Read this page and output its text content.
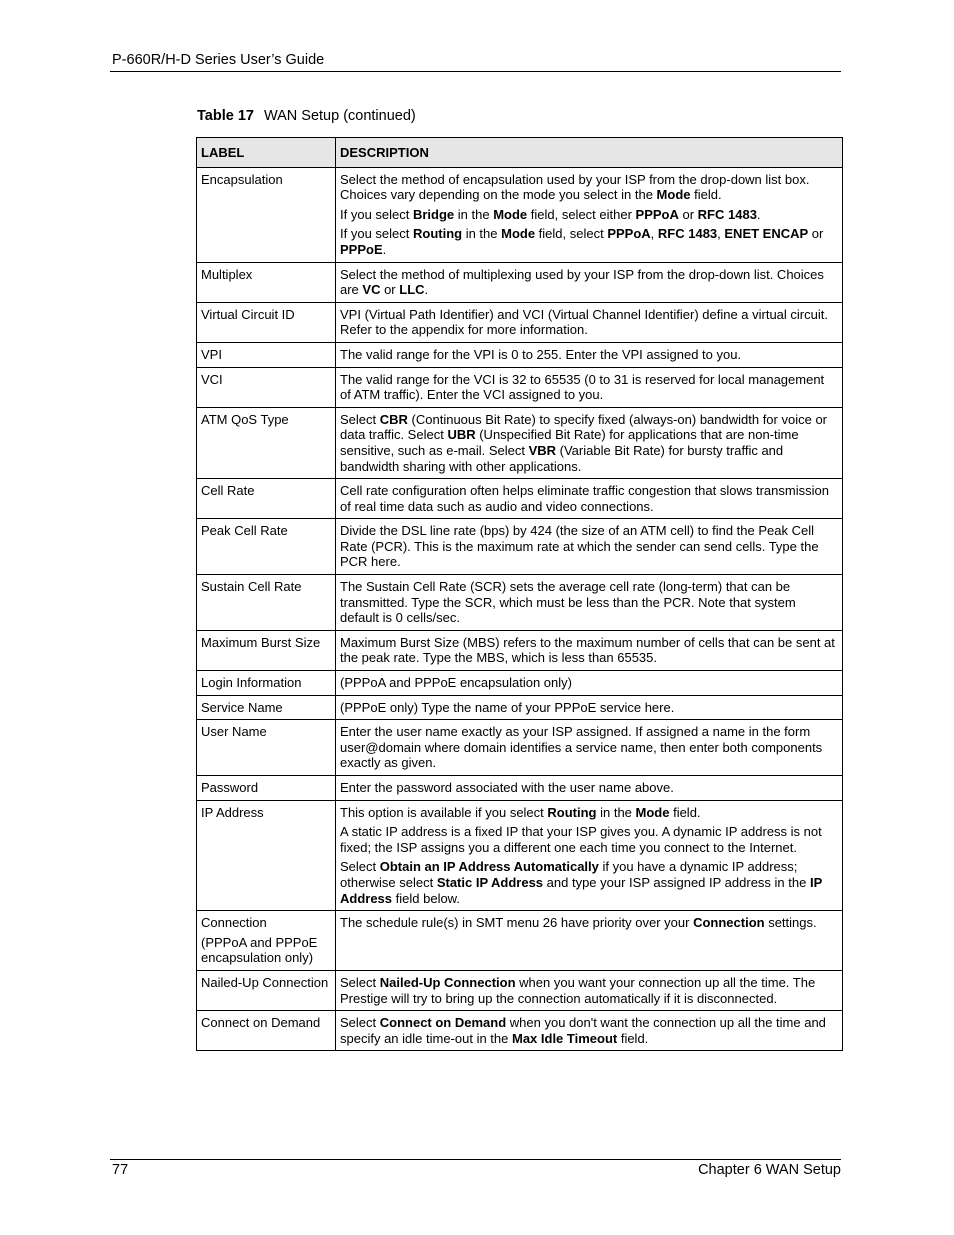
P-660R/H-D Series User’s Guide
Table 17 WAN Setup (continued)
LABEL	DESCRIPTION

Encapsulation	Select the method of encapsulation used by your ISP from the drop-down list box. Choices vary depending on the mode you select in the Mode field.

If you select Bridge in the Mode field, select either PPPoA or RFC 1483.

If you select Routing in the Mode field, select PPPoA, RFC 1483, ENET ENCAP or PPPoE.

Multiplex	Select the method of multiplexing used by your ISP from the drop-down list. Choices are VC or LLC.

Virtual Circuit ID	VPI (Virtual Path Identifier) and VCI (Virtual Channel Identifier) define a virtual circuit. Refer to the appendix for more information.

VPI	The valid range for the VPI is 0 to 255. Enter the VPI assigned to you.

VCI	The valid range for the VCI is 32 to 65535 (0 to 31 is reserved for local management of ATM traffic). Enter the VCI assigned to you.

ATM QoS Type	Select CBR (Continuous Bit Rate) to specify fixed (always-on) bandwidth for voice or data traffic. Select UBR (Unspecified Bit Rate) for applications that are non-time sensitive, such as e-mail. Select VBR (Variable Bit Rate) for bursty traffic and bandwidth sharing with other applications.

Cell Rate	Cell rate configuration often helps eliminate traffic congestion that slows transmission of real time data such as audio and video connections.

Peak Cell Rate	Divide the DSL line rate (bps) by 424 (the size of an ATM cell) to find the Peak Cell Rate (PCR). This is the maximum rate at which the sender can send cells. Type the PCR here.

Sustain Cell Rate	The Sustain Cell Rate (SCR) sets the average cell rate (long-term) that can be transmitted. Type the SCR, which must be less than the PCR. Note that system default is 0 cells/sec.

Maximum Burst Size	Maximum Burst Size (MBS) refers to the maximum number of cells that can be sent at the peak rate. Type the MBS, which is less than 65535.

Login Information	(PPPoA and PPPoE encapsulation only)

Service Name	(PPPoE only) Type the name of your PPPoE service here.

User Name	Enter the user name exactly as your ISP assigned. If assigned a name in the form user@domain where domain identifies a service name, then enter both components exactly as given.

Password	Enter the password associated with the user name above.

IP Address	This option is available if you select Routing in the Mode field.

A static IP address is a fixed IP that your ISP gives you. A dynamic IP address is not fixed; the ISP assigns you a different one each time you connect to the Internet.

Select Obtain an IP Address Automatically if you have a dynamic IP address; otherwise select Static IP Address and type your ISP assigned IP address in the IP Address field below.

Connection
(PPPoA and PPPoE encapsulation only)	The schedule rule(s) in SMT menu 26 have priority over your Connection settings.

Nailed-Up Connection	Select Nailed-Up Connection when you want your connection up all the time. The Prestige will try to bring up the connection automatically if it is disconnected.

Connect on Demand	Select Connect on Demand when you don't want the connection up all the time and specify an idle time-out in the Max Idle Timeout field.

77	Chapter 6 WAN Setup
